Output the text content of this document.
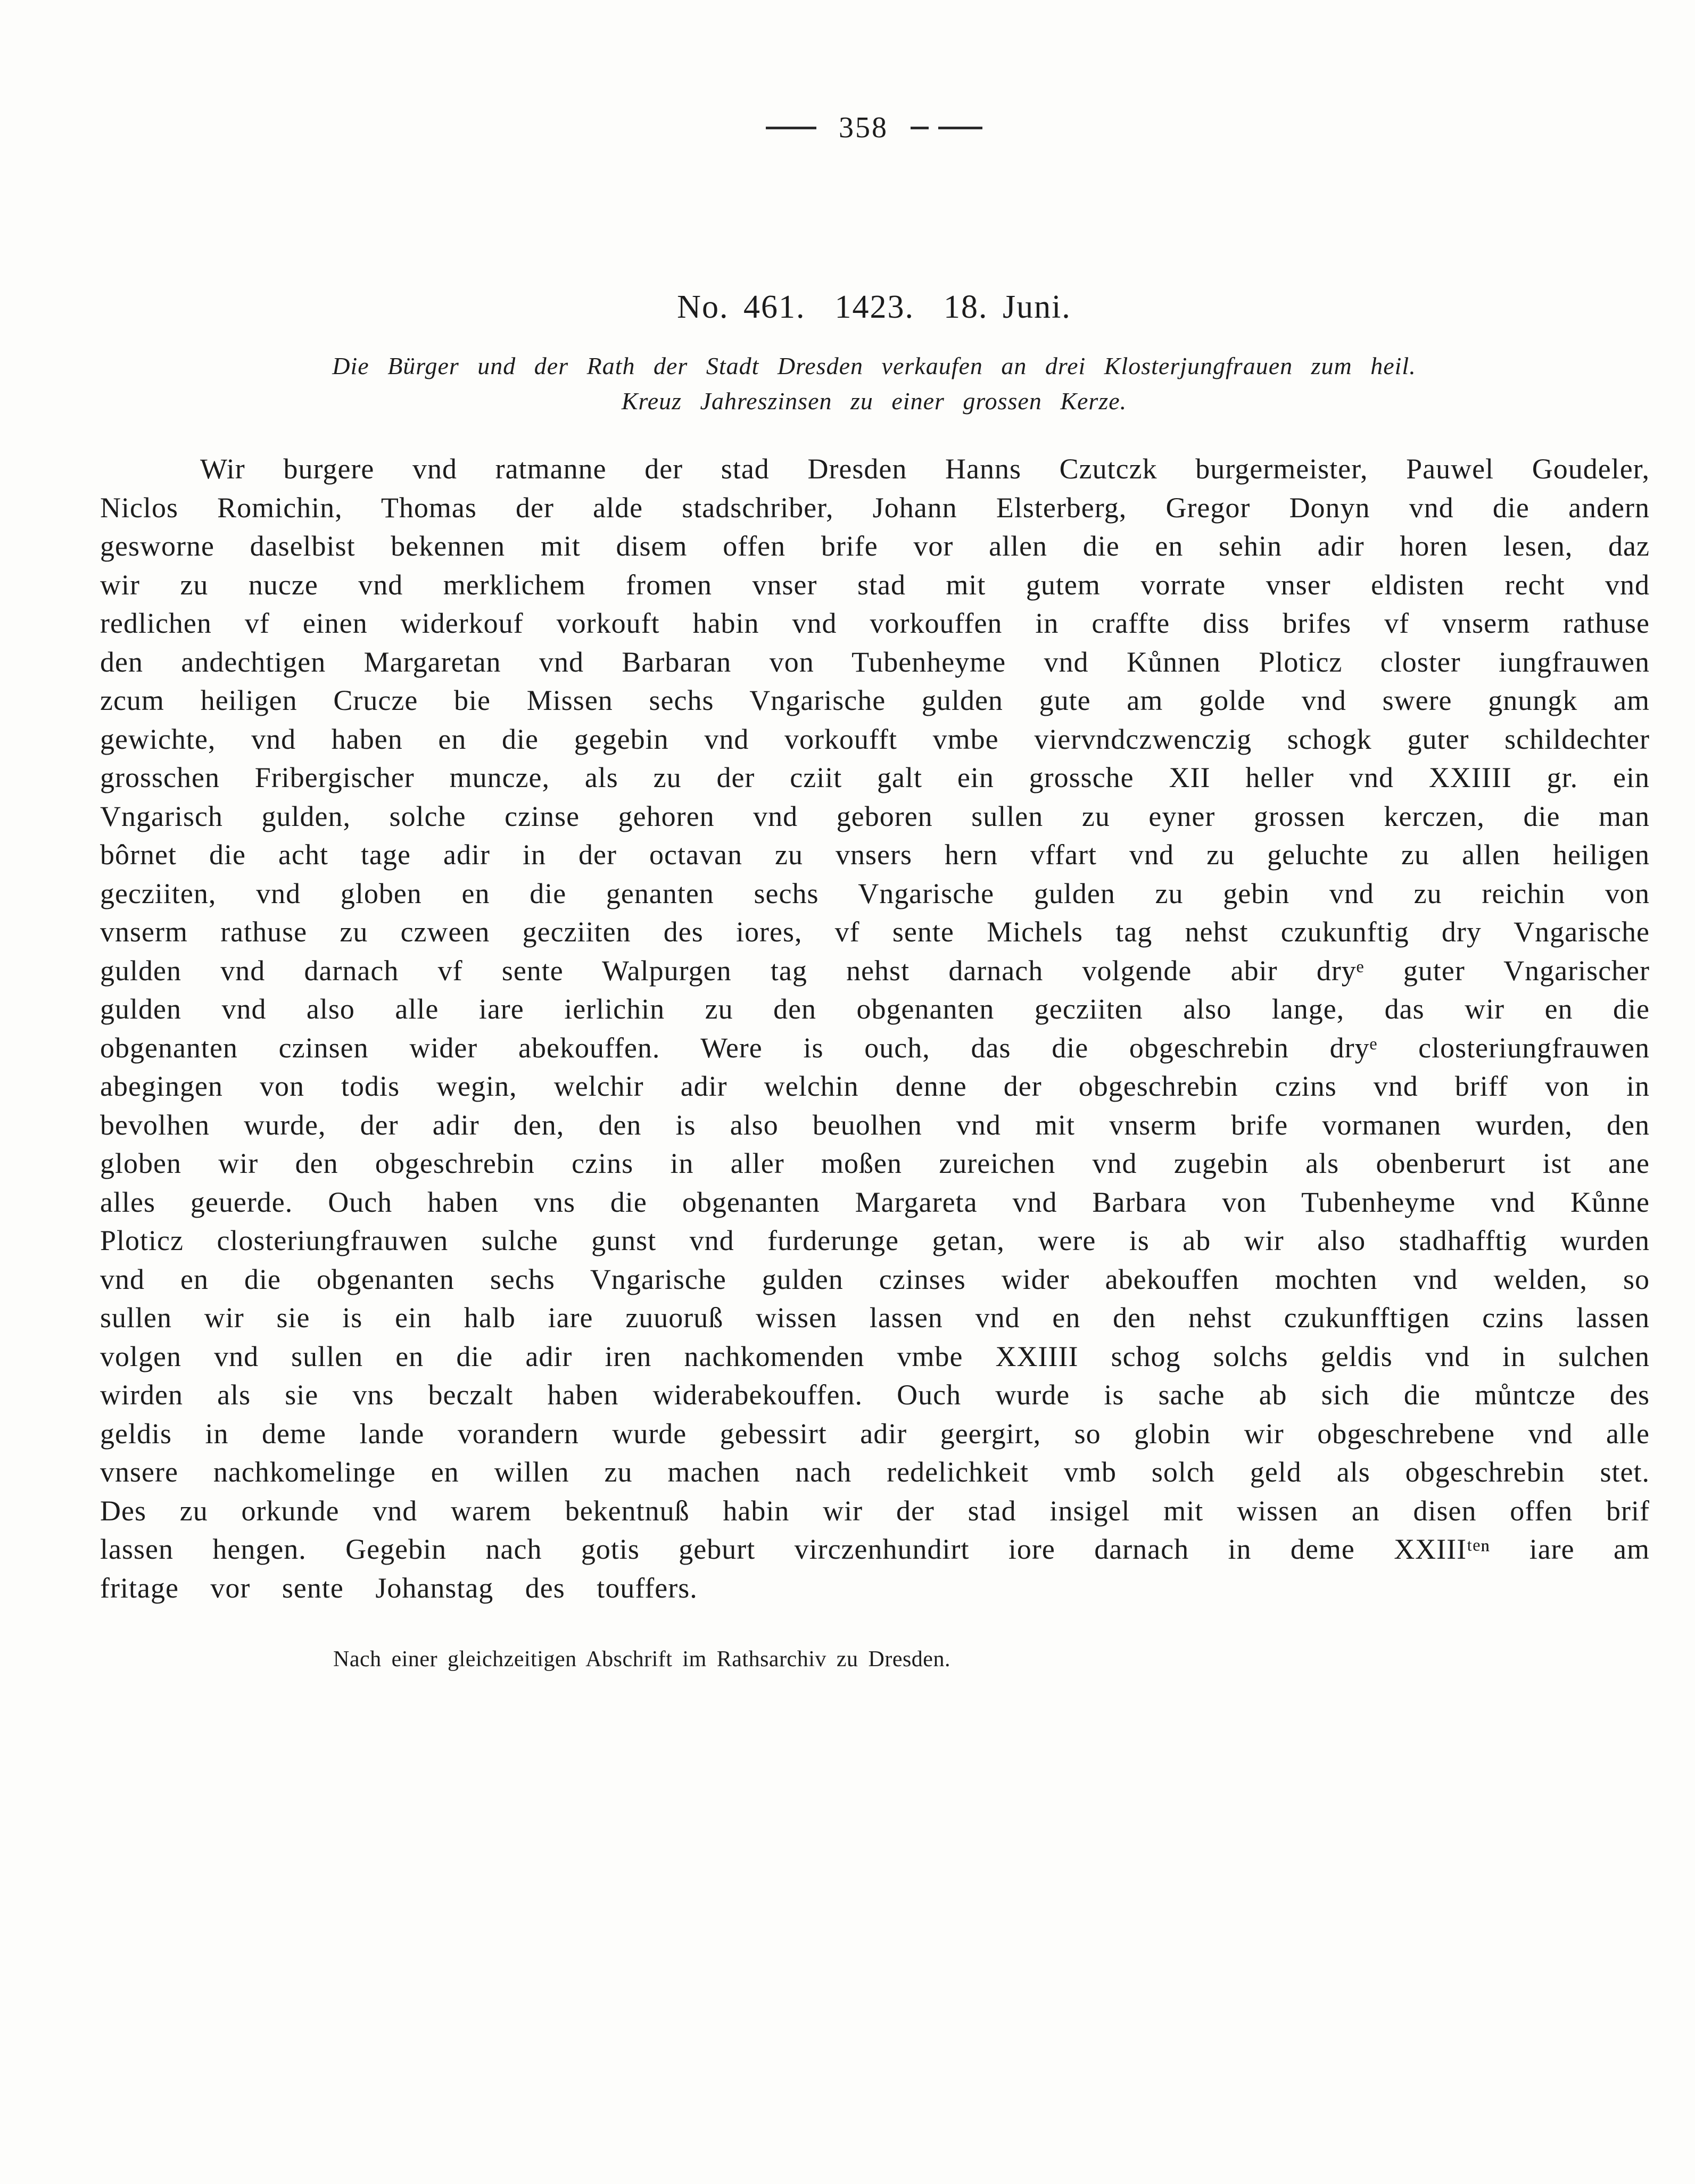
358
No. 461.  1423.  18. Juni.

Die Bürger und der Rath der Stadt Dresden verkaufen an drei Klosterjungfrauen zum heil.
Kreuz Jahreszinsen zu einer grossen Kerze.

Wir burgere vnd ratmanne der stad Dresden Hanns Czutczk burgermeister, Pauwel Goudeler, Niclos Romichin, Thomas der alde stadschriber, Johann Elsterberg, Gregor Donyn vnd die andern gesworne daselbist bekennen mit disem offen brife vor allen die en sehin adir horen lesen, daz wir zu nucze vnd merklichem fromen vnser stad mit gutem vorrate vnser eldisten recht vnd redlichen vf einen widerkouf vorkouft habin vnd vorkouffen in craffte diss brifes vf vnserm rathuse den andechtigen Margaretan vnd Barbaran von Tubenheyme vnd Kůnnen Ploticz closter iungfrauwen zcum heiligen Crucze bie Missen sechs Vngarische gulden gute am golde vnd swere gnungk am gewichte, vnd haben en die gegebin vnd vorkoufft vmbe viervndczwenczig schogk guter schildechter grosschen Fribergischer muncze, als zu der cziit galt ein grossche XII heller vnd XXIIII gr. ein Vngarisch gulden, solche czinse gehoren vnd geboren sullen zu eyner grossen kerczen, die man bôrnet die acht tage adir in der octavan zu vnsers hern vffart vnd zu geluchte zu allen heiligen gecziiten, vnd globen en die genanten sechs Vngarische gulden zu gebin vnd zu reichin von vnserm rathuse zu czween gecziiten des iores, vf sente Michels tag nehst czukunftig dry Vngarische gulden vnd darnach vf sente Walpurgen tag nehst darnach volgende abir dryᵉ guter Vngarischer gulden vnd also alle iare ierlichin zu den obgenanten gecziiten also lange, das wir en die obgenanten czinsen wider abekouffen. Were is ouch, das die obgeschrebin dryᵉ closteriungfrauwen abegingen von todis wegin, welchir adir welchin denne der obgeschrebin czins vnd briff von in bevolhen wurde, der adir den, den is also beuolhen vnd mit vnserm brife vormanen wurden, den globen wir den obgeschrebin czins in aller moßen zureichen vnd zugebin als obenberurt ist ane alles geuerde. Ouch haben vns die obgenanten Margareta vnd Barbara von Tubenheyme vnd Kůnne Ploticz closteriungfrauwen sulche gunst vnd furderunge getan, were is ab wir also stadhafftig wurden vnd en die obgenanten sechs Vngarische gulden czinses wider abekouffen mochten vnd welden, so sullen wir sie is ein halb iare zuuoruß wissen lassen vnd en den nehst czukunfftigen czins lassen volgen vnd sullen en die adir iren nachkomenden vmbe XXIIII schog solchs geldis vnd in sulchen wirden als sie vns beczalt haben widerabekouffen. Ouch wurde is sache ab sich die můntcze des geldis in deme lande vorandern wurde gebessirt adir geergirt, so globin wir obgeschrebene vnd alle vnsere nachkomelinge en willen zu machen nach redelichkeit vmb solch geld als obgeschrebin stet. Des zu orkunde vnd warem bekentnuß habin wir der stad insigel mit wissen an disen offen brif lassen hengen. Gegebin nach gotis geburt virczenhundirt iore darnach in deme XXIIIᵗᵉⁿ iare am fritage vor sente Johanstag des touffers.

Nach einer gleichzeitigen Abschrift im Rathsarchiv zu Dresden.
